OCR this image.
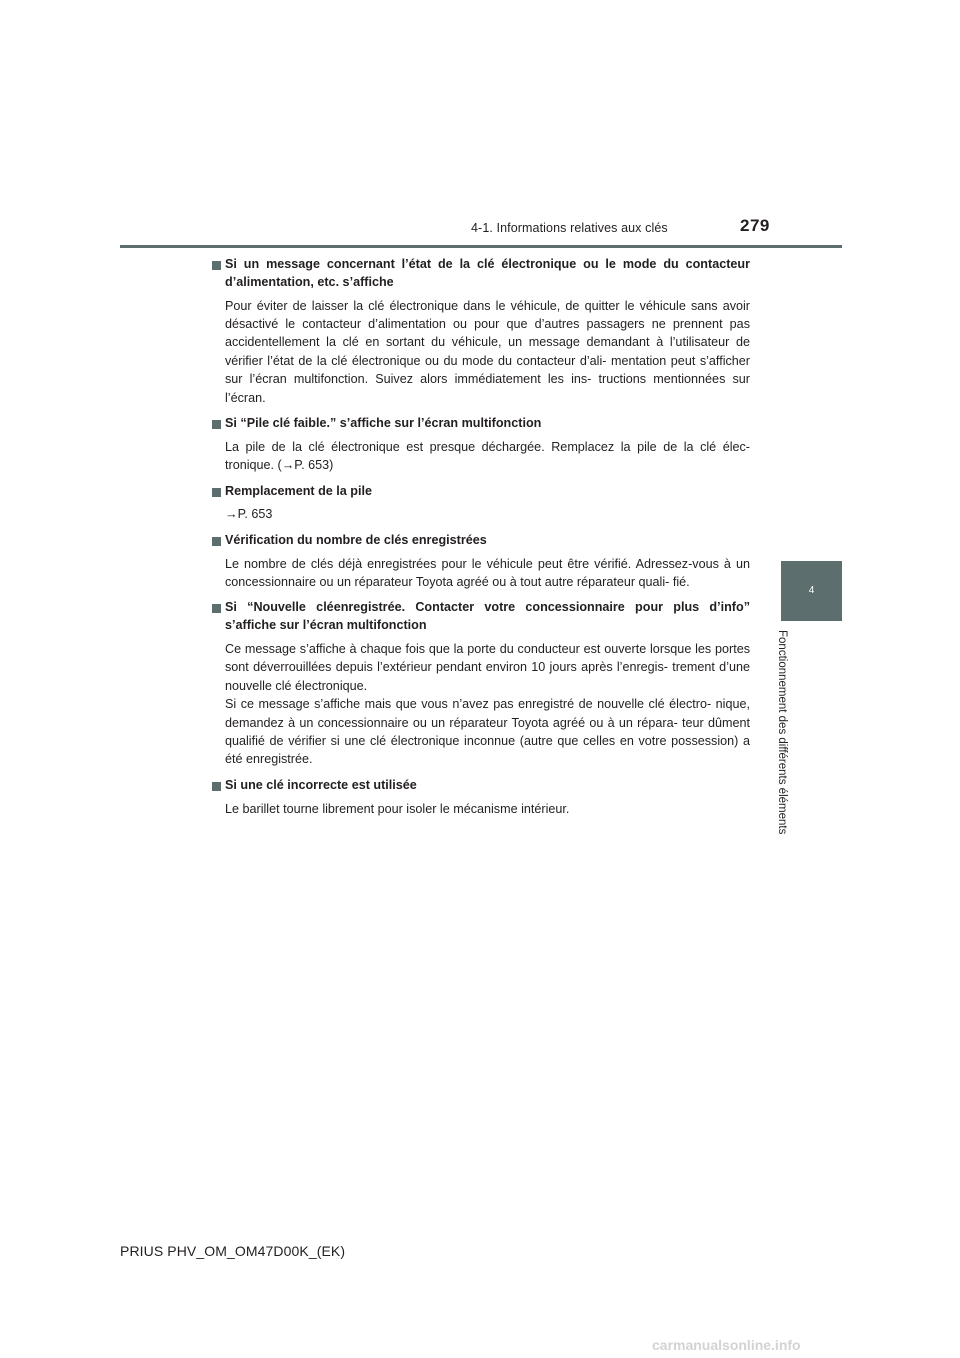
4-1. Informations relatives aux clés	279
4
Fonctionnement des différents éléments
Si un message concernant l’état de la clé électronique ou le mode du contacteur d’alimentation, etc. s’affiche

Pour éviter de laisser la clé électronique dans le véhicule, de quitter le véhicule sans avoir désactivé le contacteur d’alimentation ou pour que d’autres passagers ne prennent pas accidentellement la clé en sortant du véhicule, un message demandant à l’utilisateur de vérifier l’état de la clé électronique ou du mode du contacteur d’ali- mentation peut s’afficher sur l’écran multifonction. Suivez alors immédiatement les ins- tructions mentionnées sur l’écran.

Si “Pile clé faible.” s’affiche sur l’écran multifonction

La pile de la clé électronique est presque déchargée. Remplacez la pile de la clé élec- tronique. (→P. 653)

Remplacement de la pile

→P. 653

Vérification du nombre de clés enregistrées

Le nombre de clés déjà enregistrées pour le véhicule peut être vérifié. Adressez-vous à un concessionnaire ou un réparateur Toyota agréé ou à tout autre réparateur quali- fié.

Si “Nouvelle cléenregistrée. Contacter votre concessionnaire pour plus d’info” s’affiche sur l’écran multifonction

Ce message s’affiche à chaque fois que la porte du conducteur est ouverte lorsque les portes sont déverrouillées depuis l’extérieur pendant environ 10 jours après l’enregis- trement d’une nouvelle clé électronique.

Si ce message s’affiche mais que vous n’avez pas enregistré de nouvelle clé électro- nique, demandez à un concessionnaire ou un réparateur Toyota agréé ou à un répara- teur dûment qualifié de vérifier si une clé électronique inconnue (autre que celles en votre possession) a été enregistrée.

Si une clé incorrecte est utilisée

Le barillet tourne librement pour isoler le mécanisme intérieur.

PRIUS PHV_OM_OM47D00K_(EK)
carmanualsonline.info
